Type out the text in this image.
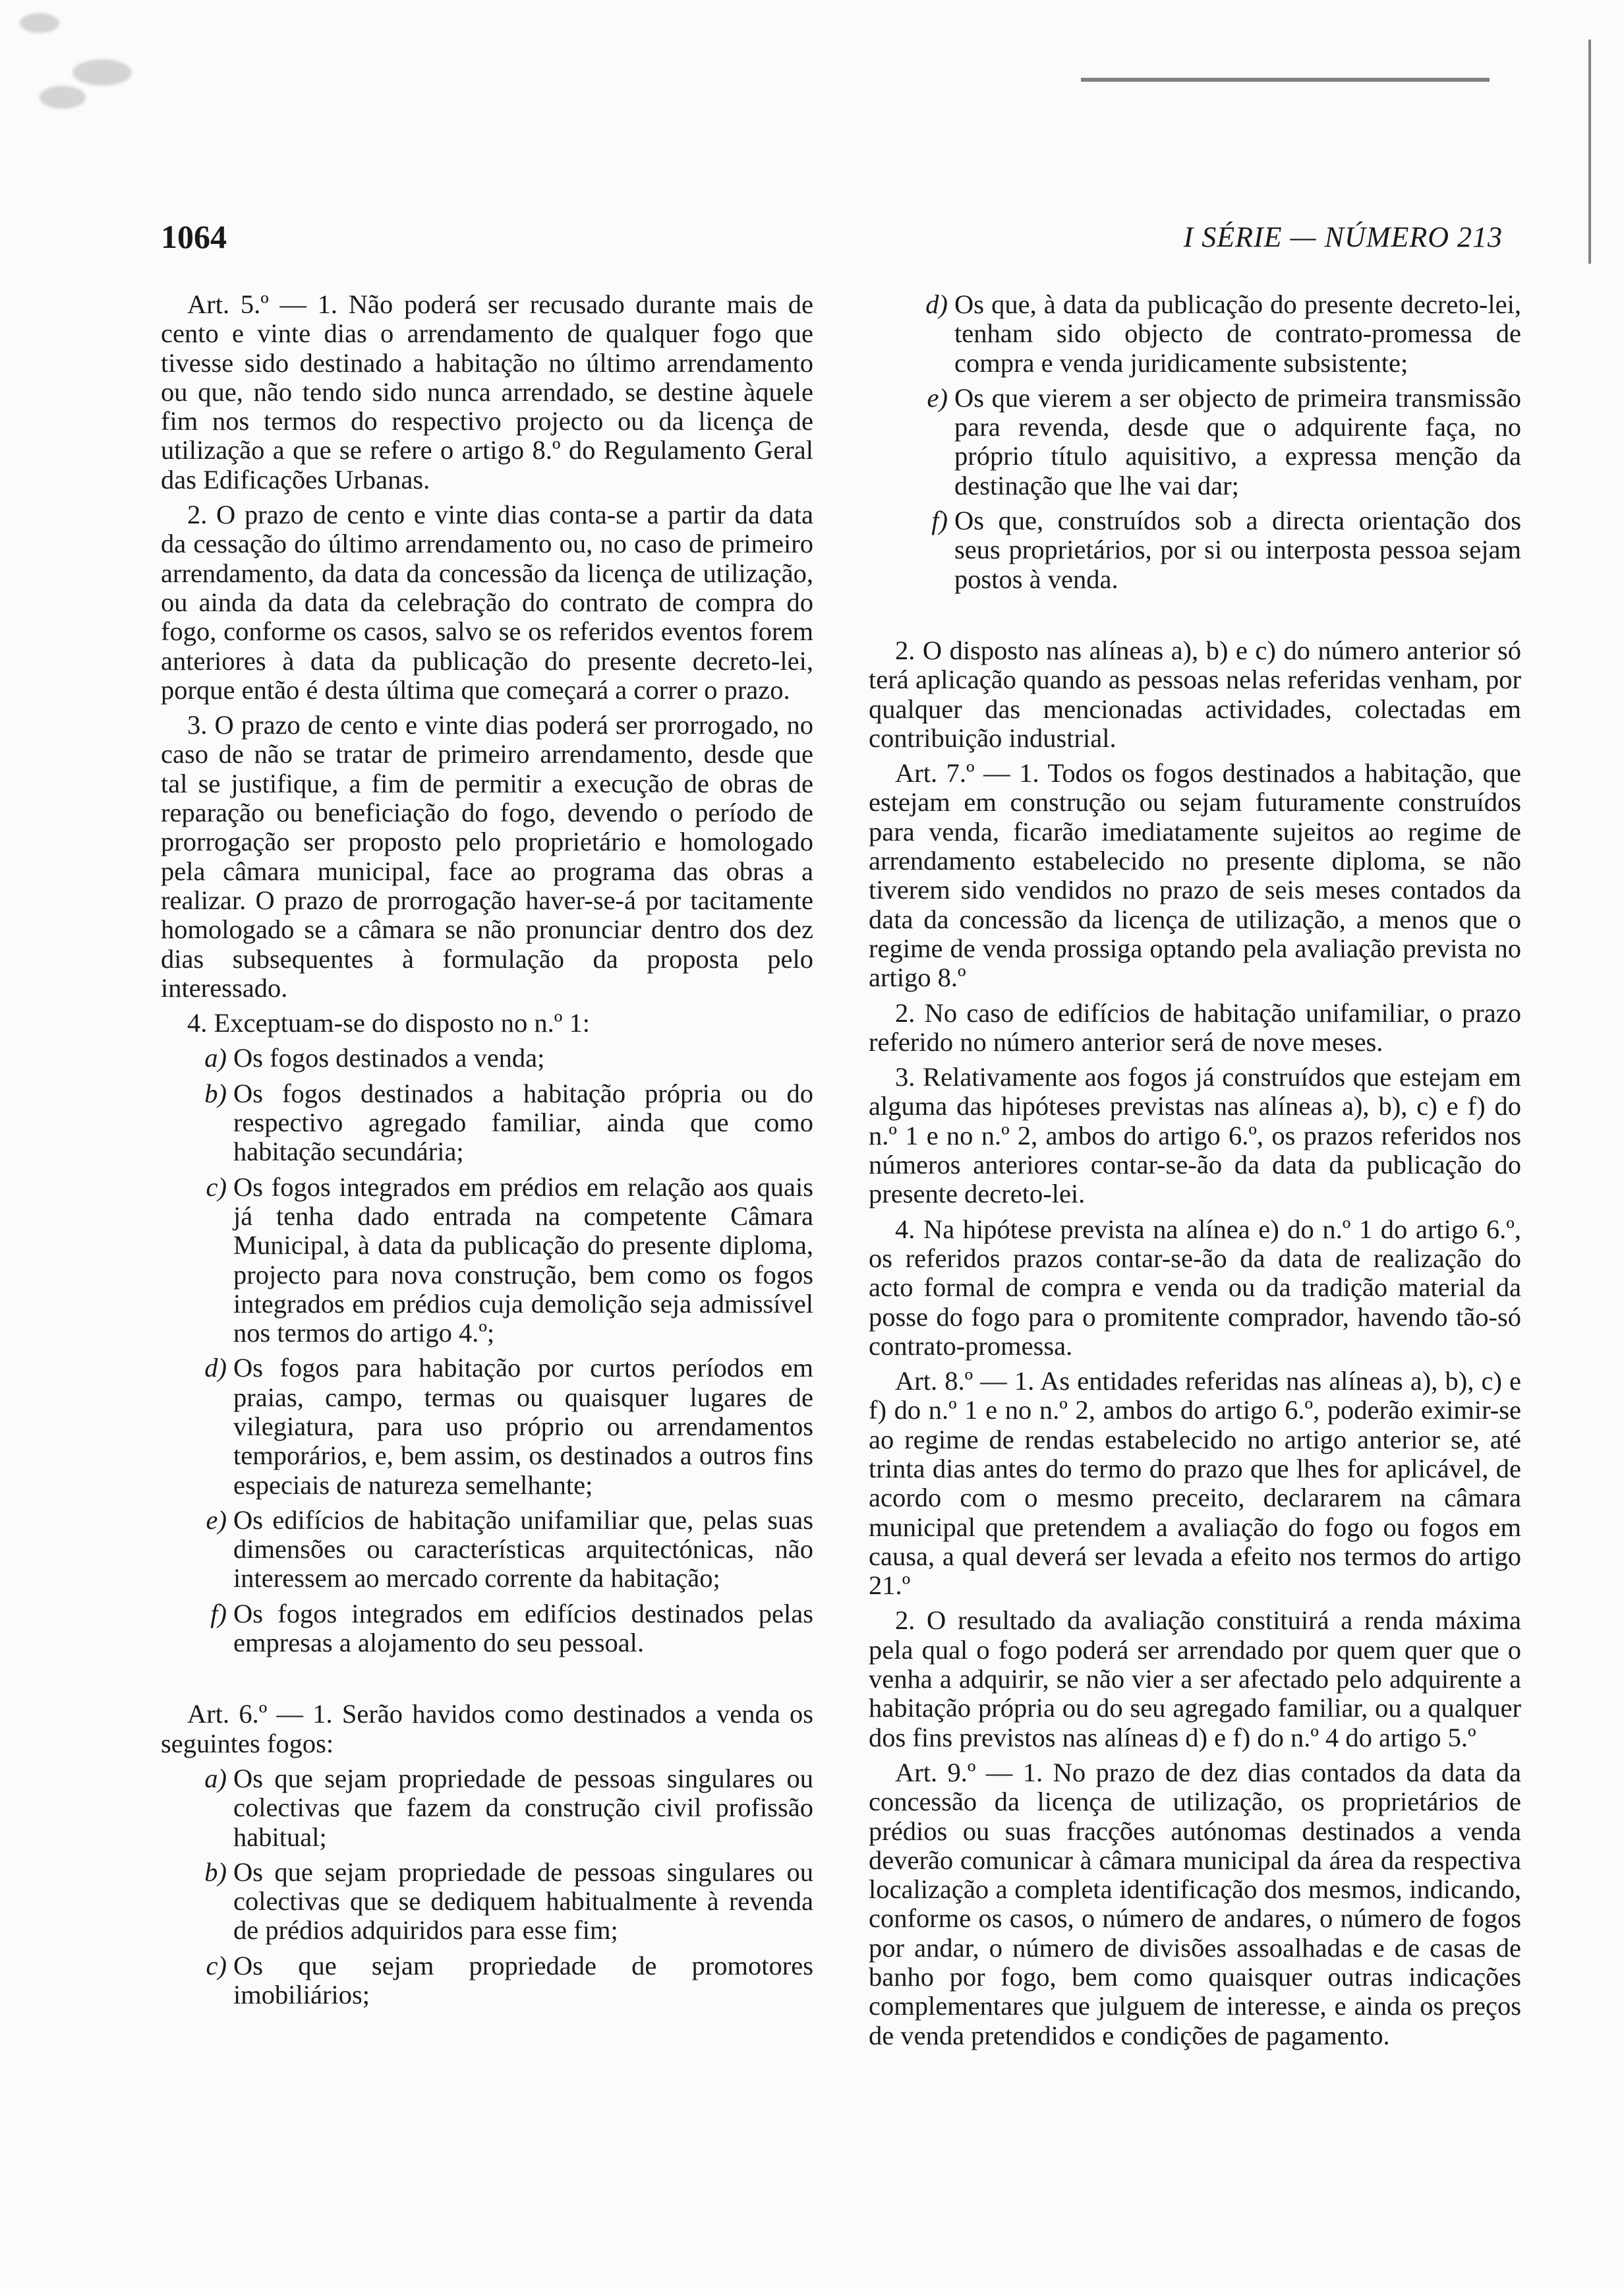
1064	I SÉRIE — NÚMERO 213

Art. 5.º — 1. Não poderá ser recusado durante mais de cento e vinte dias o arrendamento de qualquer fogo que tivesse sido destinado a habitação no último arrendamento ou que, não tendo sido nunca arrendado, se destine àquele fim nos termos do respectivo projecto ou da licença de utilização a que se refere o artigo 8.º do Regulamento Geral das Edificações Urbanas.

2. O prazo de cento e vinte dias conta-se a partir da data da cessação do último arrendamento ou, no caso de primeiro arrendamento, da data da concessão da licença de utilização, ou ainda da data da celebração do contrato de compra do fogo, conforme os casos, salvo se os referidos eventos forem anteriores à data da publicação do presente decreto-lei, porque então é desta última que começará a correr o prazo.

3. O prazo de cento e vinte dias poderá ser prorrogado, no caso de não se tratar de primeiro arrendamento, desde que tal se justifique, a fim de permitir a execução de obras de reparação ou beneficiação do fogo, devendo o período de prorrogação ser proposto pelo proprietário e homologado pela câmara municipal, face ao programa das obras a realizar. O prazo de prorrogação haver-se-á por tacitamente homologado se a câmara se não pronunciar dentro dos dez dias subsequentes à formulação da proposta pelo interessado.

4. Exceptuam-se do disposto no n.º 1:

a) Os fogos destinados a venda;
b) Os fogos destinados a habitação própria ou do respectivo agregado familiar, ainda que como habitação secundária;
c) Os fogos integrados em prédios em relação aos quais já tenha dado entrada na competente Câmara Municipal, à data da publicação do presente diploma, projecto para nova construção, bem como os fogos integrados em prédios cuja demolição seja admissível nos termos do artigo 4.º;
d) Os fogos para habitação por curtos períodos em praias, campo, termas ou quaisquer lugares de vilegiatura, para uso próprio ou arrendamentos temporários, e, bem assim, os destinados a outros fins especiais de natureza semelhante;
e) Os edifícios de habitação unifamiliar que, pelas suas dimensões ou características arquitectónicas, não interessem ao mercado corrente da habitação;
f) Os fogos integrados em edifícios destinados pelas empresas a alojamento do seu pessoal.

Art. 6.º — 1. Serão havidos como destinados a venda os seguintes fogos:

a) Os que sejam propriedade de pessoas singulares ou colectivas que fazem da construção civil profissão habitual;
b) Os que sejam propriedade de pessoas singulares ou colectivas que se dediquem habitualmente à revenda de prédios adquiridos para esse fim;
c) Os que sejam propriedade de promotores imobiliários;
d) Os que, à data da publicação do presente decreto-lei, tenham sido objecto de contrato-promessa de compra e venda juridicamente subsistente;
e) Os que vierem a ser objecto de primeira transmissão para revenda, desde que o adquirente faça, no próprio título aquisitivo, a expressa menção da destinação que lhe vai dar;
f) Os que, construídos sob a directa orientação dos seus proprietários, por si ou interposta pessoa sejam postos à venda.

2. O disposto nas alíneas a), b) e c) do número anterior só terá aplicação quando as pessoas nelas referidas venham, por qualquer das mencionadas actividades, colectadas em contribuição industrial.

Art. 7.º — 1. Todos os fogos destinados a habitação, que estejam em construção ou sejam futuramente construídos para venda, ficarão imediatamente sujeitos ao regime de arrendamento estabelecido no presente diploma, se não tiverem sido vendidos no prazo de seis meses contados da data da concessão da licença de utilização, a menos que o regime de venda prossiga optando pela avaliação prevista no artigo 8.º

2. No caso de edifícios de habitação unifamiliar, o prazo referido no número anterior será de nove meses.

3. Relativamente aos fogos já construídos que estejam em alguma das hipóteses previstas nas alíneas a), b), c) e f) do n.º 1 e no n.º 2, ambos do artigo 6.º, os prazos referidos nos números anteriores contar-se-ão da data da publicação do presente decreto-lei.

4. Na hipótese prevista na alínea e) do n.º 1 do artigo 6.º, os referidos prazos contar-se-ão da data de realização do acto formal de compra e venda ou da tradição material da posse do fogo para o promitente comprador, havendo tão-só contrato-promessa.

Art. 8.º — 1. As entidades referidas nas alíneas a), b), c) e f) do n.º 1 e no n.º 2, ambos do artigo 6.º, poderão eximir-se ao regime de rendas estabelecido no artigo anterior se, até trinta dias antes do termo do prazo que lhes for aplicável, de acordo com o mesmo preceito, declararem na câmara municipal que pretendem a avaliação do fogo ou fogos em causa, a qual deverá ser levada a efeito nos termos do artigo 21.º

2. O resultado da avaliação constituirá a renda máxima pela qual o fogo poderá ser arrendado por quem quer que o venha a adquirir, se não vier a ser afectado pelo adquirente a habitação própria ou do seu agregado familiar, ou a qualquer dos fins previstos nas alíneas d) e f) do n.º 4 do artigo 5.º

Art. 9.º — 1. No prazo de dez dias contados da data da concessão da licença de utilização, os proprietários de prédios ou suas fracções autónomas destinados a venda deverão comunicar à câmara municipal da área da respectiva localização a completa identificação dos mesmos, indicando, conforme os casos, o número de andares, o número de fogos por andar, o número de divisões assoalhadas e de casas de banho por fogo, bem como quaisquer outras indicações complementares que julguem de interesse, e ainda os preços de venda pretendidos e condições de pagamento.
